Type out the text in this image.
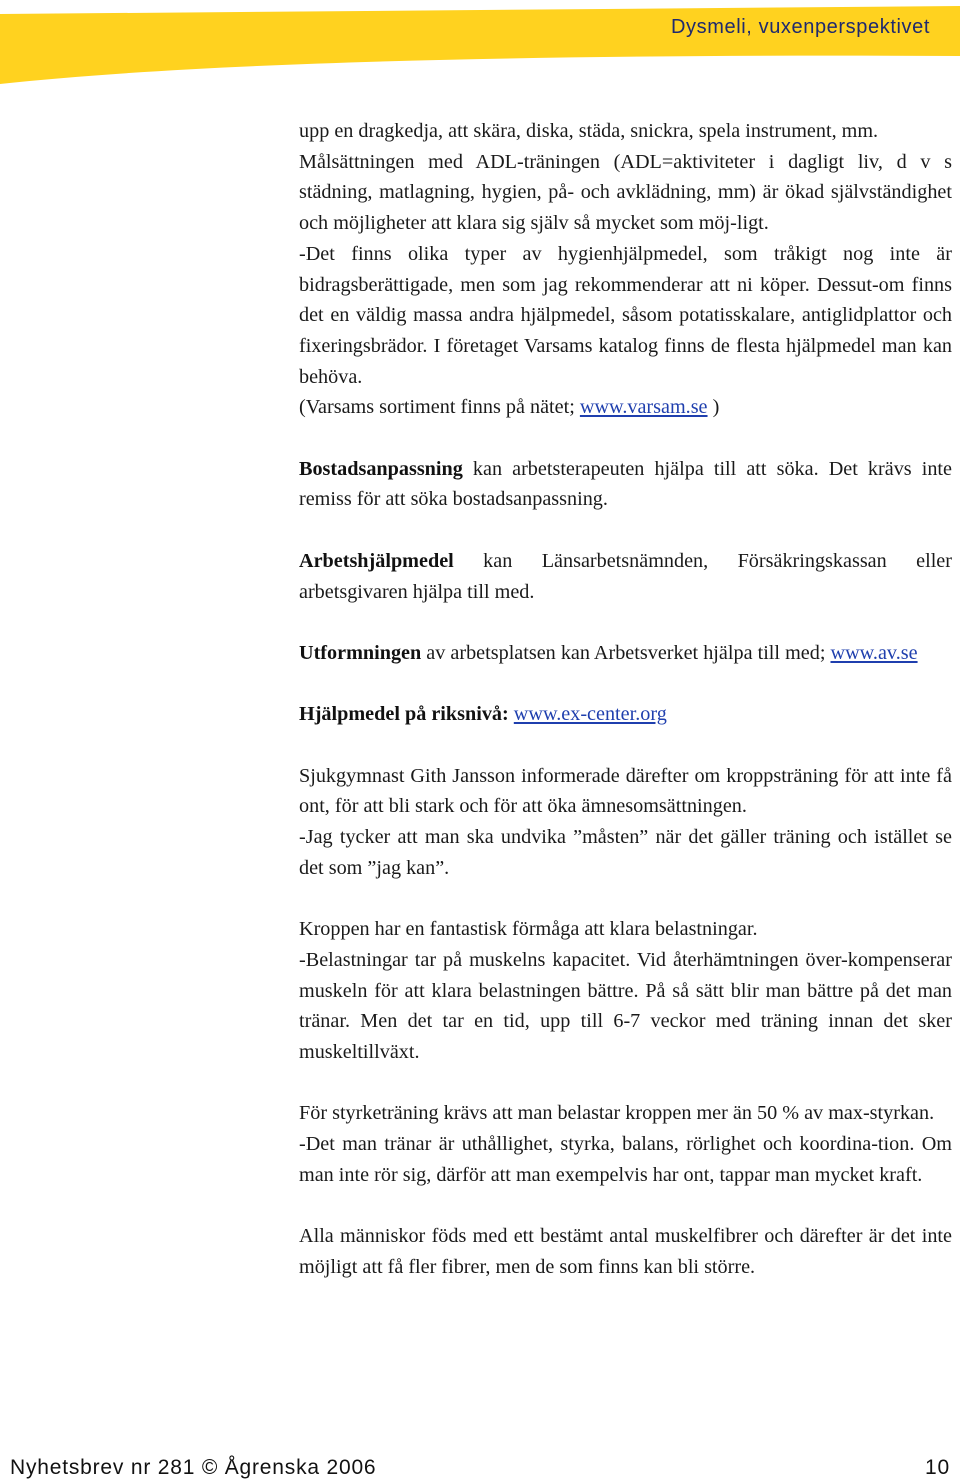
Dysmeli, vuxenperspektivet

upp en dragkedja, att skära, diska, städa, snickra, spela instrument, mm.

Målsättningen med ADL-träningen (ADL=aktiviteter i dagligt liv, d v s städning, matlagning, hygien, på- och avklädning, mm) är ökad självständighet och möjligheter att klara sig själv så mycket som möj-ligt.

-Det finns olika typer av hygienhjälpmedel, som tråkigt nog inte är bidragsberättigade, men som jag rekommenderar att ni köper. Dessut-om finns det en väldig massa andra hjälpmedel, såsom potatisskalare, antiglidplattor och fixeringsbrädor. I företaget Varsams katalog finns de flesta hjälpmedel man kan behöva.

(Varsams sortiment finns på nätet; www.varsam.se )

Bostadsanpassning kan arbetsterapeuten hjälpa till att söka. Det krävs inte remiss för att söka bostadsanpassning.

Arbetshjälpmedel kan Länsarbetsnämnden, Försäkringskassan eller arbetsgivaren hjälpa till med.

Utformningen av arbetsplatsen kan Arbetsverket hjälpa till med; www.av.se

Hjälpmedel på riksnivå: www.ex-center.org

Sjukgymnast Gith Jansson informerade därefter om kroppsträning för att inte få ont, för att bli stark och för att öka ämnesomsättningen.

-Jag tycker att man ska undvika ”måsten” när det gäller träning och istället se det som ”jag kan”.

Kroppen har en fantastisk förmåga att klara belastningar.

-Belastningar tar på muskelns kapacitet. Vid återhämtningen över-kompenserar muskeln för att klara belastningen bättre. På så sätt blir man bättre på det man tränar. Men det tar en tid, upp till 6-7 veckor med träning innan det sker muskeltillväxt.

För styrketräning krävs att man belastar kroppen mer än 50 % av max-styrkan.

-Det man tränar är uthållighet, styrka, balans, rörlighet och koordina-tion. Om man inte rör sig, därför att man exempelvis har ont, tappar man mycket kraft.

Alla människor föds med ett bestämt antal muskelfibrer och därefter är det inte möjligt att få fler fibrer, men de som finns kan bli större.

Nyhetsbrev nr 281 © Ågrenska 2006	10
